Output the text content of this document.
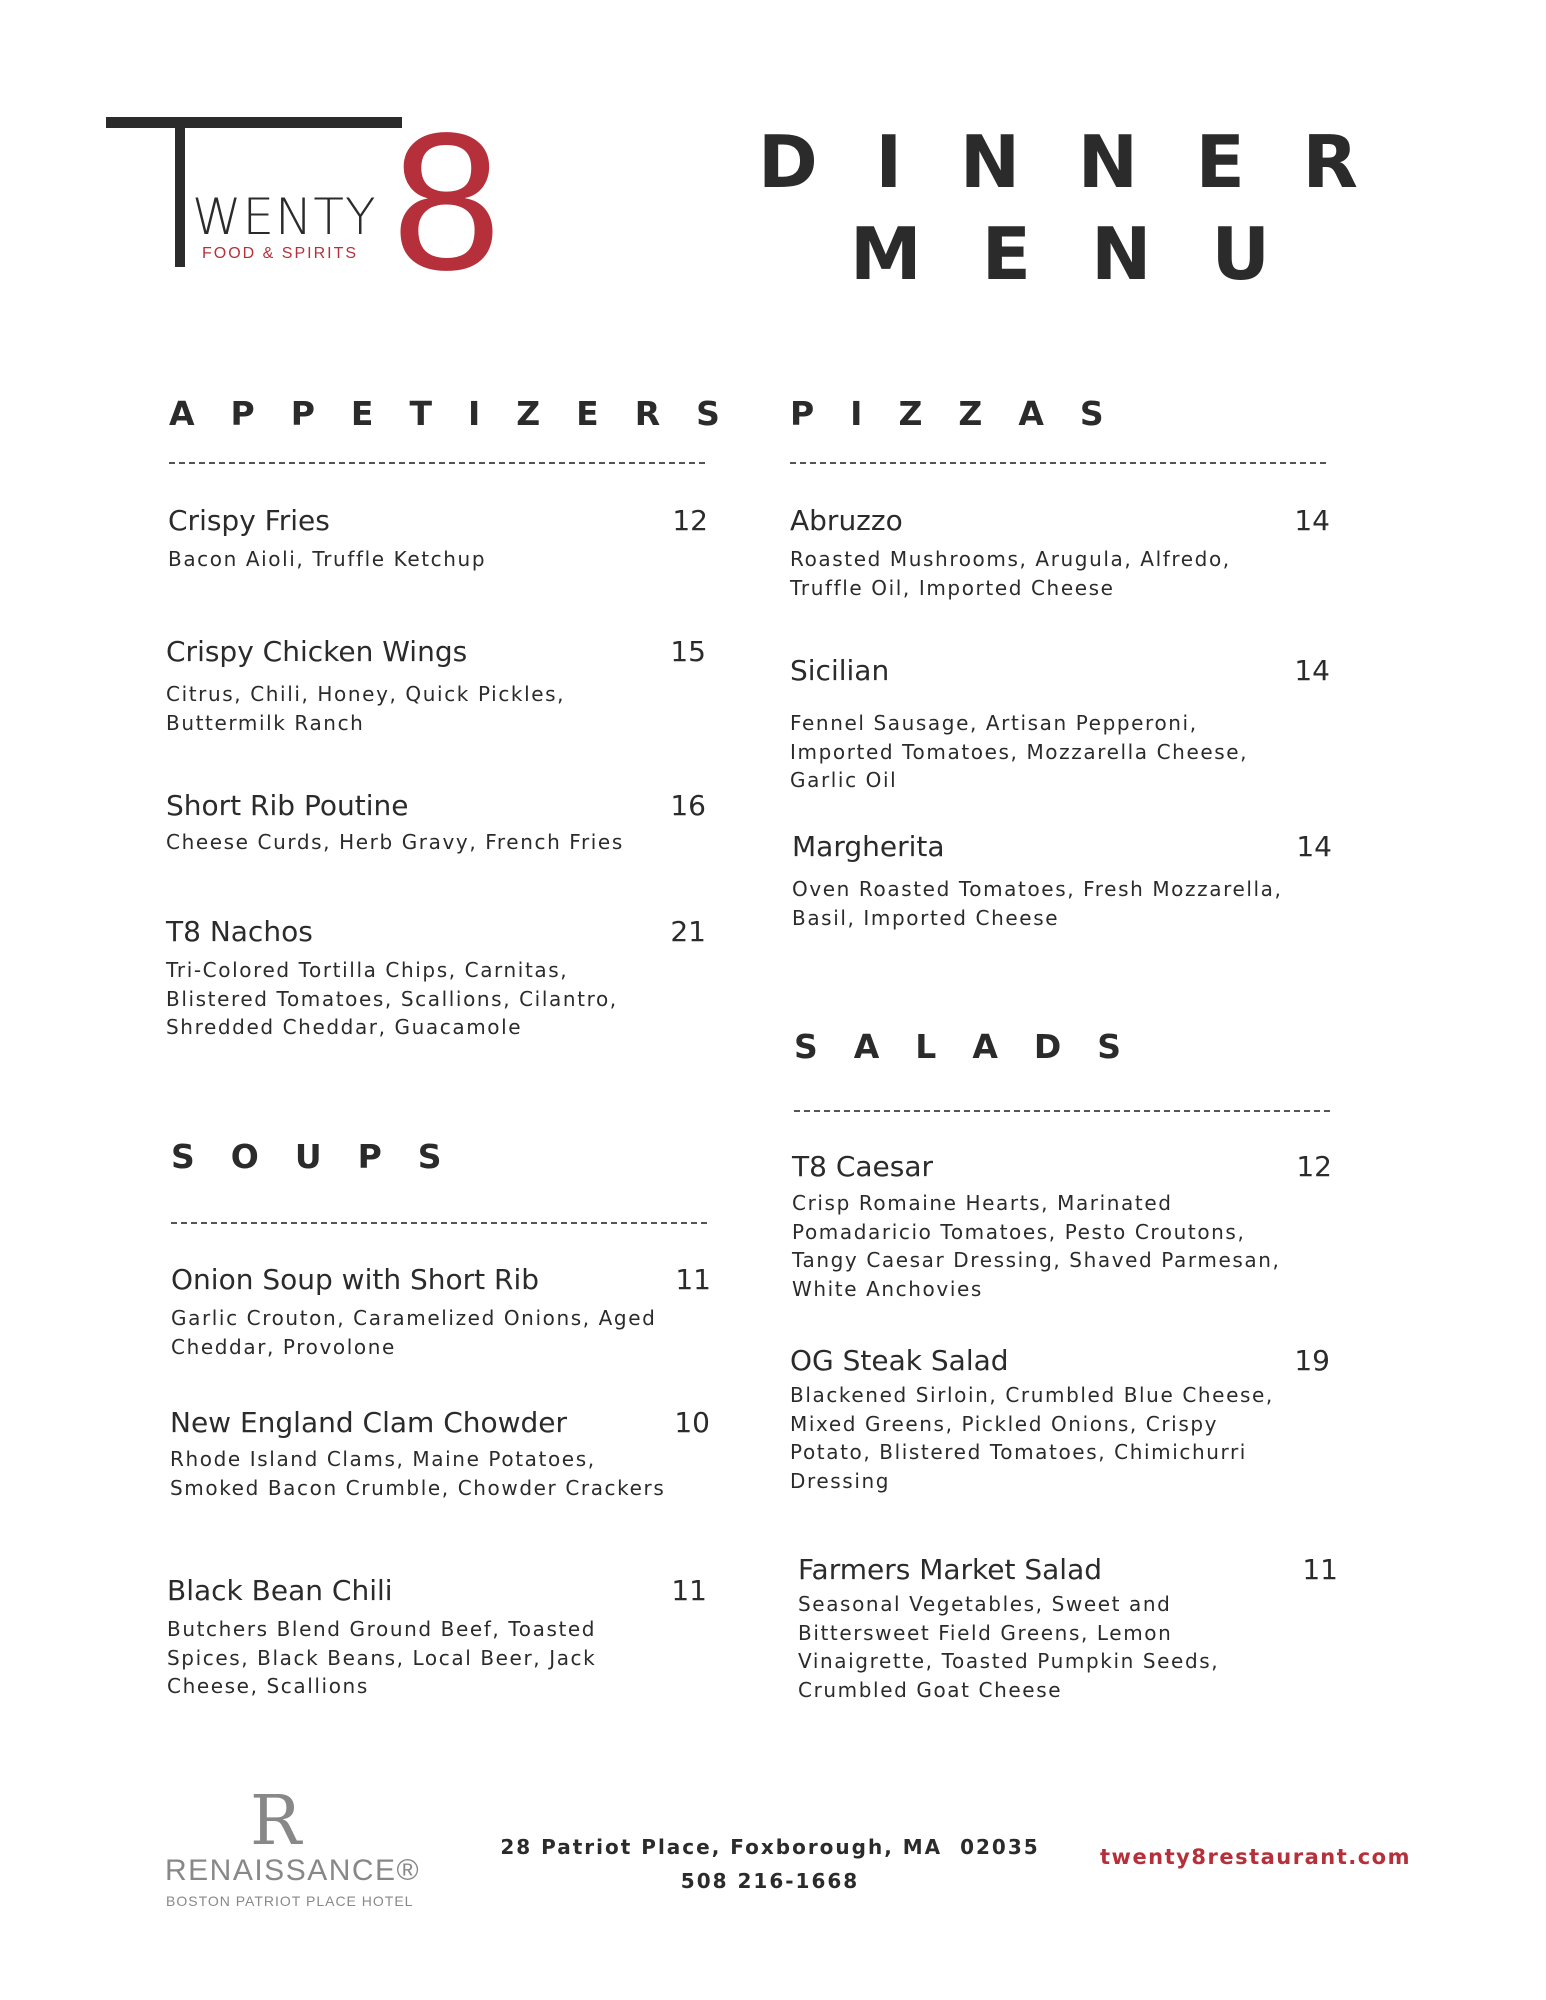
WENTY
FOOD & SPIRITS 8	D I N N E R
M E N U
APPETIZERS
Crispy Fries	12
Bacon Aioli, Truffle Ketchup
Crispy Chicken Wings	15
Citrus, Chili, Honey, Quick Pickles, Buttermilk Ranch
Short Rib Poutine	16
Cheese Curds, Herb Gravy, French Fries
T8 Nachos	21
Tri-Colored Tortilla Chips, Carnitas, Blistered Tomatoes, Scallions, Cilantro, Shredded Cheddar, Guacamole
SOUPS
Onion Soup with Short Rib	11
Garlic Crouton, Caramelized Onions, Aged Cheddar, Provolone
New England Clam Chowder	10
Rhode Island Clams, Maine Potatoes, Smoked Bacon Crumble, Chowder Crackers
Black Bean Chili	11
Butchers Blend Ground Beef, Toasted Spices, Black Beans, Local Beer, Jack Cheese, Scallions
PIZZAS
Abruzzo	14
Roasted Mushrooms, Arugula, Alfredo, Truffle Oil, Imported Cheese
Sicilian	14
Fennel Sausage, Artisan Pepperoni, Imported Tomatoes, Mozzarella Cheese, Garlic Oil
Margherita	14
Oven Roasted Tomatoes, Fresh Mozzarella, Basil, Imported Cheese
SALADS
T8 Caesar	12
Crisp Romaine Hearts, Marinated Pomadaricio Tomatoes, Pesto Croutons, Tangy Caesar Dressing, Shaved Parmesan, White Anchovies
OG Steak Salad	19
Blackened Sirloin, Crumbled Blue Cheese, Mixed Greens, Pickled Onions, Crispy Potato, Blistered Tomatoes, Chimichurri Dressing
Farmers Market Salad	11
Seasonal Vegetables, Sweet and Bittersweet Field Greens, Lemon Vinaigrette, Toasted Pumpkin Seeds, Crumbled Goat Cheese
R
RENAISSANCE®
BOSTON PATRIOT PLACE HOTEL
28 Patriot Place, Foxborough, MA  02035
508 216-1668
twenty8restaurant.com
